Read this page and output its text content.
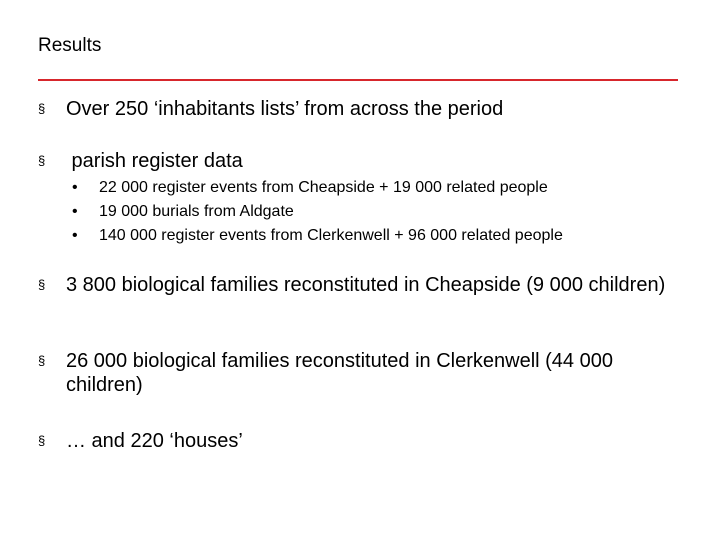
Results
§	Over 250 ‘inhabitants lists’ from across the period
§	parish register data
•	22 000 register events from Cheapside + 19 000 related people
•	19 000 burials from Aldgate
•	140 000 register events from Clerkenwell + 96 000 related people
§	3 800 biological families reconstituted in Cheapside (9 000 children)
§	26 000 biological families reconstituted in Clerkenwell (44 000 children)
§	… and 220 ‘houses’
